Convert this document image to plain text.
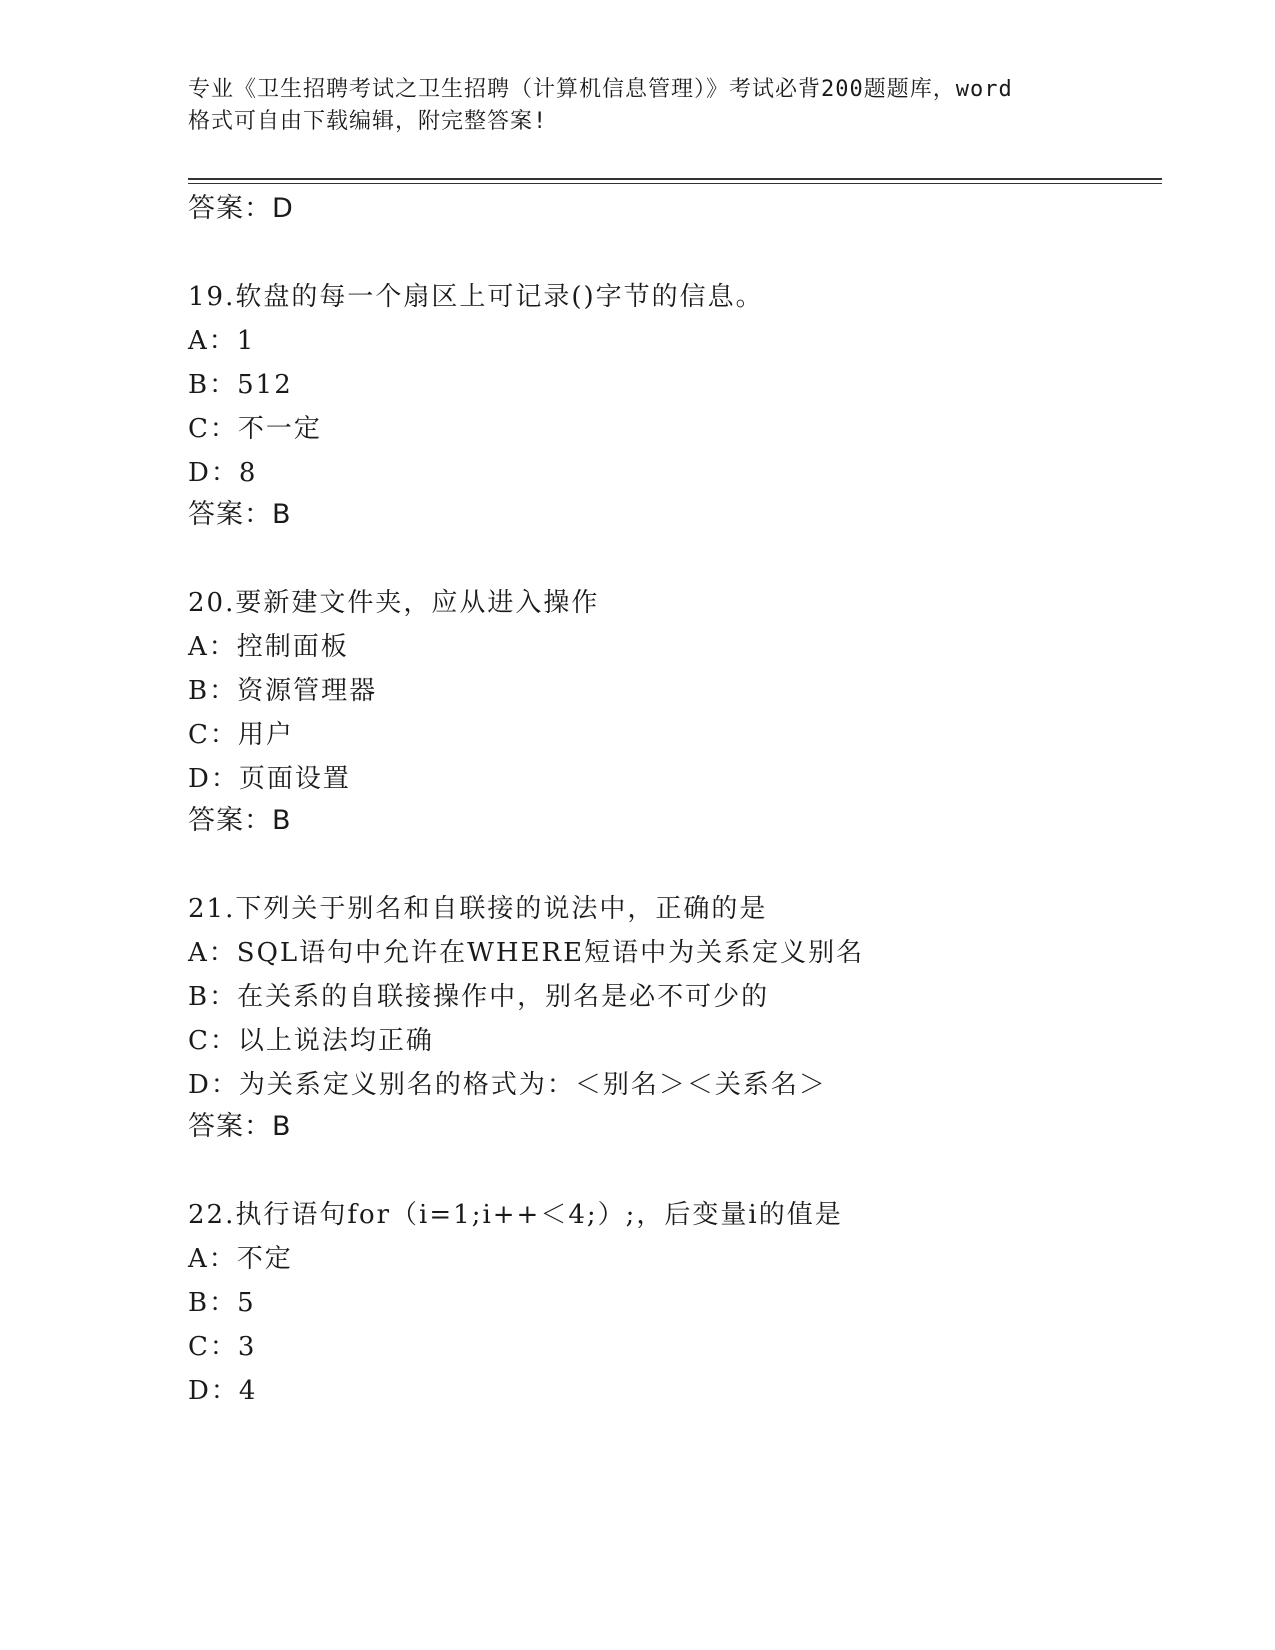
专业《卫生招聘考试之卫生招聘（计算机信息管理）》考试必背200题题库，word
格式可自由下载编辑，附完整答案!
答案：D
19.软盘的每一个扇区上可记录()字节的信息。
A：1
B：512
C：不一定
D：8
答案：B
20.要新建文件夹，应从进入操作
A：控制面板
B：资源管理器
C：用户
D：页面设置
答案：B
21.下列关于别名和自联接的说法中，正确的是
A：SQL语句中允许在WHERE短语中为关系定义别名
B：在关系的自联接操作中，别名是必不可少的
C：以上说法均正确
D：为关系定义别名的格式为：＜别名＞＜关系名＞
答案：B
22.执行语句for（i=1;i++＜4;）;，后变量i的值是
A：不定
B：5
C：3
D：4
